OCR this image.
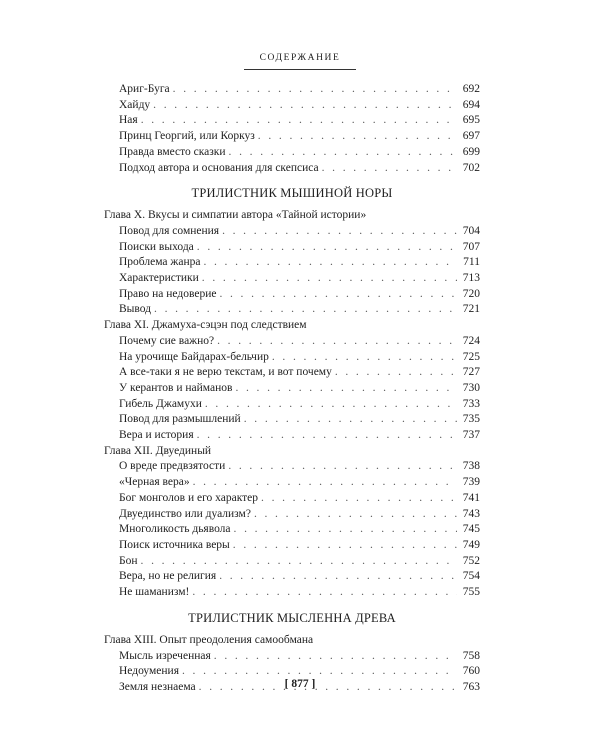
СОДЕРЖАНИЕ
Ариг-Буга . . .	692
Хайду . . .	694
Ная . . .	695
Принц Георгий, или Коркуз . . .	697
Правда вместо сказки . . .	699
Подход автора и основания для скепсиса . . .	702
ТРИЛИСТНИК МЫШИНОЙ НОРЫ
Глава X. Вкусы и симпатии автора «Тайной истории»
Повод для сомнения . . .	704
Поиски выхода . . .	707
Проблема жанра . . .	711
Характеристики . . .	713
Право на недоверие . . .	720
Вывод . . .	721
Глава XI. Джамуха-сэцэн под следствием
Почему сие важно? . . .	724
На урочище Байдарах-бельчир . . .	725
А все-таки я не верю текстам, и вот почему . . .	727
У керантов и найманов . . .	730
Гибель Джамухи . . .	733
Повод для размышлений . . .	735
Вера и история . . .	737
Глава XII. Двуединый
О вреде предвзятости . . .	738
«Черная вера» . . .	739
Бог монголов и его характер . . .	741
Двуединство или дуализм? . . .	743
Многоликость дьявола . . .	745
Поиск источника веры . . .	749
Бон . . .	752
Вера, но не религия . . .	754
Не шаманизм! . . .	755
ТРИЛИСТНИК МЫСЛЕННА ДРЕВА
Глава XIII. Опыт преодоления самообмана
Мысль изреченная . . .	758
Недоумения . . .	760
Земля незнаема . . .	763
[ 877 ]
